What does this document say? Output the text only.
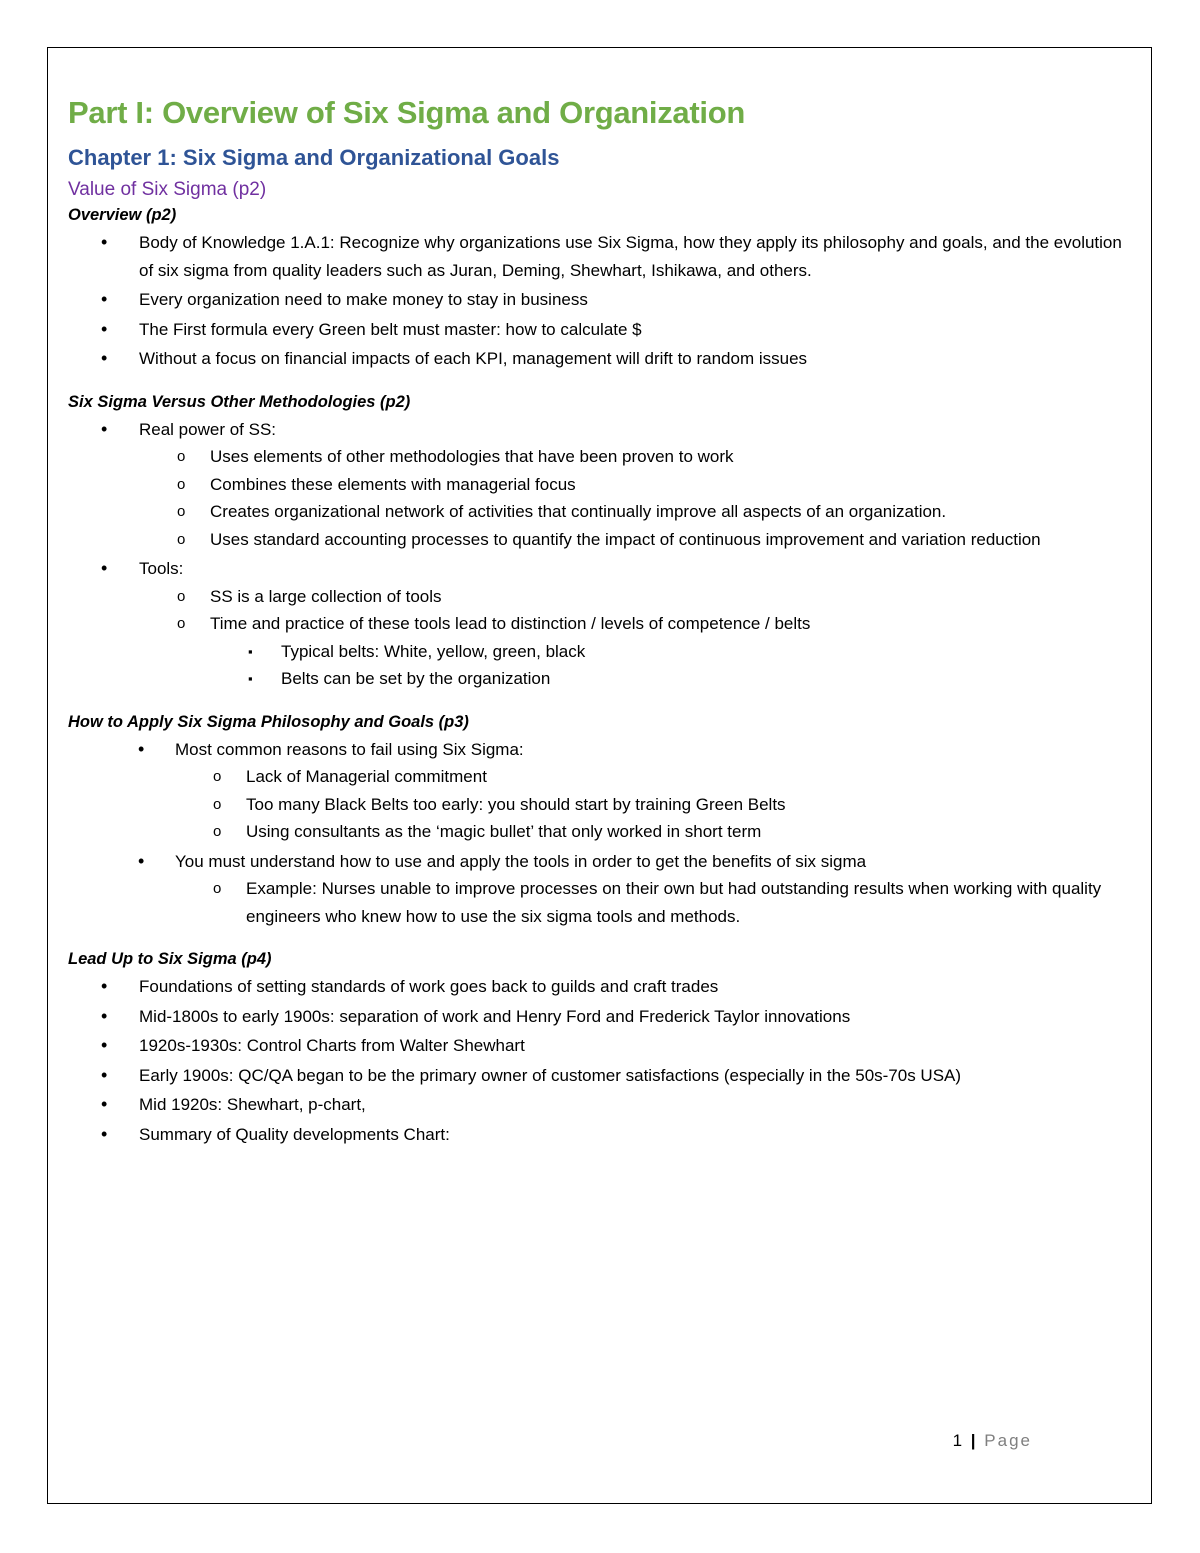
Part I: Overview of Six Sigma and Organization
Chapter 1: Six Sigma and Organizational Goals
Value of Six Sigma (p2)
Overview (p2)
• Body of Knowledge 1.A.1: Recognize why organizations use Six Sigma, how they apply its philosophy and goals, and the evolution of six sigma from quality leaders such as Juran, Deming, Shewhart, Ishikawa, and others.
• Every organization need to make money to stay in business
• The First formula every Green belt must master: how to calculate $
• Without a focus on financial impacts of each KPI, management will drift to random issues
Six Sigma Versus Other Methodologies (p2)
• Real power of SS:
o Uses elements of other methodologies that have been proven to work
o Combines these elements with managerial focus
o Creates organizational network of activities that continually improve all aspects of an organization.
o Uses standard accounting processes to quantify the impact of continuous improvement and variation reduction
• Tools:
o SS is a large collection of tools
o Time and practice of these tools lead to distinction / levels of competence / belts
▪ Typical belts: White, yellow, green, black
▪ Belts can be set by the organization
How to Apply Six Sigma Philosophy and Goals (p3)
• Most common reasons to fail using Six Sigma:
o Lack of Managerial commitment
o Too many Black Belts too early: you should start by training Green Belts
o Using consultants as the ‘magic bullet’ that only worked in short term
• You must understand how to use and apply the tools in order to get the benefits of six sigma
o Example: Nurses unable to improve processes on their own but had outstanding results when working with quality engineers who knew how to use the six sigma tools and methods.
Lead Up to Six Sigma (p4)
• Foundations of setting standards of work goes back to guilds and craft trades
• Mid-1800s to early 1900s: separation of work and Henry Ford and Frederick Taylor innovations
• 1920s-1930s: Control Charts from Walter Shewhart
• Early 1900s: QC/QA began to be the primary owner of customer satisfactions (especially in the 50s-70s USA)
• Mid 1920s: Shewhart, p-chart,
• Summary of Quality developments Chart:
1 | Page
